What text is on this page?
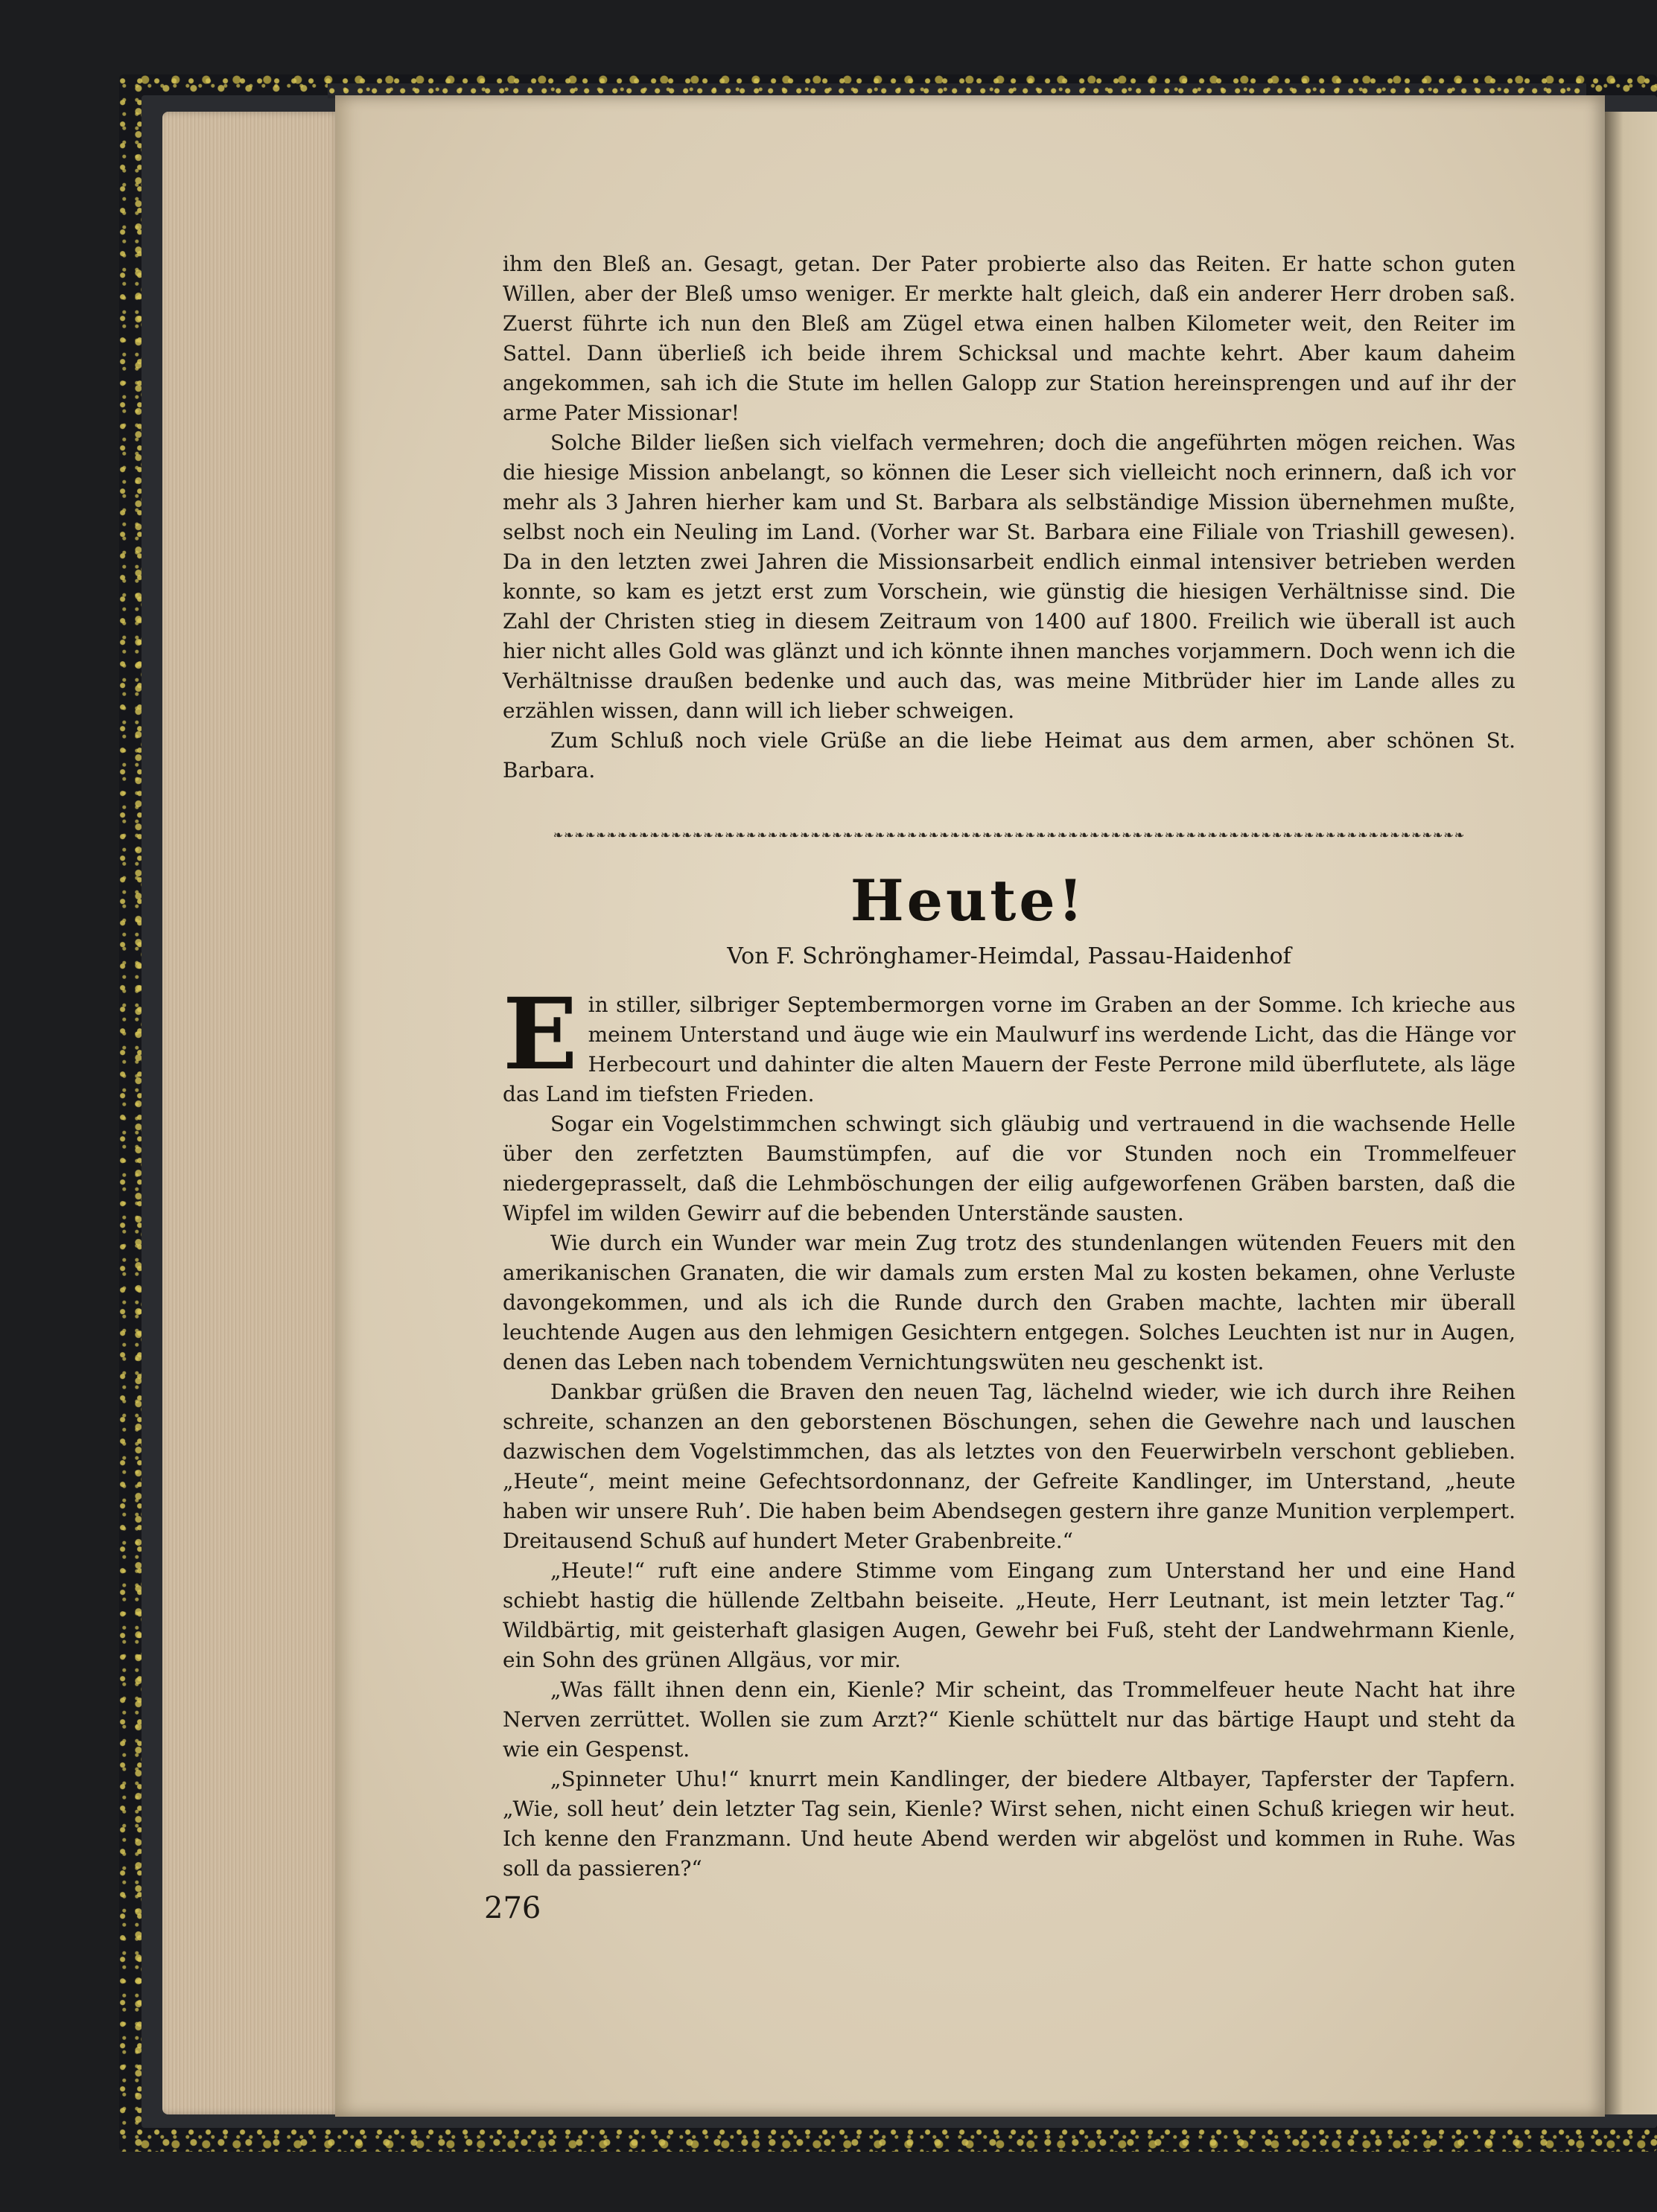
ihm den Bleß an. Gesagt, getan. Der Pater probierte also das Reiten. Er hatte schon guten Willen, aber der Bleß umso weniger. Er merkte halt gleich, daß ein anderer Herr droben saß. Zuerst führte ich nun den Bleß am Zügel etwa einen halben Kilometer weit, den Reiter im Sattel. Dann überließ ich beide ihrem Schicksal und machte kehrt. Aber kaum daheim angekommen, sah ich die Stute im hellen Galopp zur Station hereinsprengen und auf ihr der arme Pater Missionar!

Solche Bilder ließen sich vielfach vermehren; doch die angeführten mögen reichen. Was die hiesige Mission anbelangt, so können die Leser sich vielleicht noch erinnern, daß ich vor mehr als 3 Jahren hierher kam und St. Barbara als selbständige Mission übernehmen mußte, selbst noch ein Neuling im Land. (Vorher war St. Barbara eine Filiale von Triashill gewesen). Da in den letzten zwei Jahren die Missionsarbeit endlich einmal intensiver betrieben werden konnte, so kam es jetzt erst zum Vorschein, wie günstig die hiesigen Verhältnisse sind. Die Zahl der Christen stieg in diesem Zeitraum von 1400 auf 1800. Freilich wie überall ist auch hier nicht alles Gold was glänzt und ich könnte ihnen manches vorjammern. Doch wenn ich die Verhältnisse draußen bedenke und auch das, was meine Mitbrüder hier im Lande alles zu erzählen wissen, dann will ich lieber schweigen.

Zum Schluß noch viele Grüße an die liebe Heimat aus dem armen, aber schönen St. Barbara.

❧❧❧❧❧❧❧❧❧❧❧❧❧❧❧❧❧❧❧❧❧❧❧❧❧❧❧❧❧❧❧❧❧❧❧❧❧❧❧❧❧❧❧❧❧❧❧❧❧❧❧❧❧❧❧❧❧❧❧❧❧❧❧❧❧❧❧❧❧❧❧❧❧❧❧❧❧❧❧❧❧❧❧❧❧
Heute!
Von F. Schrönghamer-Heimdal, Passau-Haidenhof

Ein stiller, silbriger Septembermorgen vorne im Graben an der Somme. Ich krieche aus meinem Unterstand und äuge wie ein Maulwurf ins werdende Licht, das die Hänge vor Herbecourt und dahinter die alten Mauern der Feste Perrone mild überflutete, als läge das Land im tiefsten Frieden.

Sogar ein Vogelstimmchen schwingt sich gläubig und vertrauend in die wachsende Helle über den zerfetzten Baumstümpfen, auf die vor Stunden noch ein Trommelfeuer niedergeprasselt, daß die Lehmböschungen der eilig aufgeworfenen Gräben barsten, daß die Wipfel im wilden Gewirr auf die bebenden Unterstände sausten.

Wie durch ein Wunder war mein Zug trotz des stundenlangen wütenden Feuers mit den amerikanischen Granaten, die wir damals zum ersten Mal zu kosten bekamen, ohne Verluste davongekommen, und als ich die Runde durch den Graben machte, lachten mir überall leuchtende Augen aus den lehmigen Gesichtern entgegen. Solches Leuchten ist nur in Augen, denen das Leben nach tobendem Vernichtungswüten neu geschenkt ist.

Dankbar grüßen die Braven den neuen Tag, lächelnd wieder, wie ich durch ihre Reihen schreite, schanzen an den geborstenen Böschungen, sehen die Gewehre nach und lauschen dazwischen dem Vogelstimmchen, das als letztes von den Feuerwirbeln verschont geblieben. „Heute“, meint meine Gefechtsordonnanz, der Gefreite Kandlinger, im Unterstand, „heute haben wir unsere Ruh’. Die haben beim Abendsegen gestern ihre ganze Munition verplempert. Dreitausend Schuß auf hundert Meter Grabenbreite.“

„Heute!“ ruft eine andere Stimme vom Eingang zum Unterstand her und eine Hand schiebt hastig die hüllende Zeltbahn beiseite. „Heute, Herr Leutnant, ist mein letzter Tag.“ Wildbärtig, mit geisterhaft glasigen Augen, Gewehr bei Fuß, steht der Landwehrmann Kienle, ein Sohn des grünen Allgäus, vor mir.

„Was fällt ihnen denn ein, Kienle? Mir scheint, das Trommelfeuer heute Nacht hat ihre Nerven zerrüttet. Wollen sie zum Arzt?“ Kienle schüttelt nur das bärtige Haupt und steht da wie ein Gespenst.

„Spinneter Uhu!“ knurrt mein Kandlinger, der biedere Altbayer, Tapferster der Tapfern. „Wie, soll heut’ dein letzter Tag sein, Kienle? Wirst sehen, nicht einen Schuß kriegen wir heut. Ich kenne den Franzmann. Und heute Abend werden wir abgelöst und kommen in Ruhe. Was soll da passieren?“

276
